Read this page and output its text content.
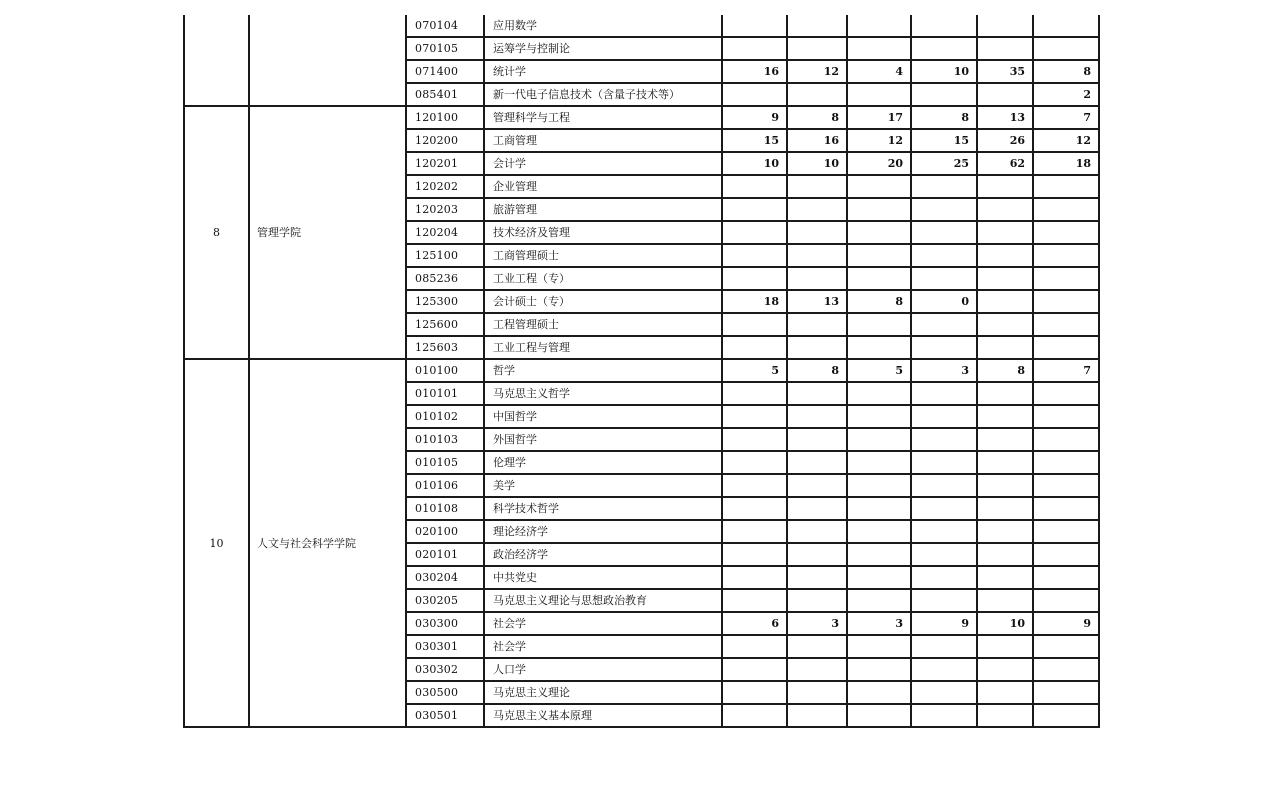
		070104	应用数学						
		070105	运筹学与控制论						
		071400	统计学	16	12	4	10	35	8
		085401	新一代电子信息技术（含量子技术等）						2
8	管理学院	120100	管理科学与工程	9	8	17	8	13	7
		120200	工商管理	15	16	12	15	26	12
		120201	会计学	10	10	20	25	62	18
		120202	企业管理						
		120203	旅游管理						
		120204	技术经济及管理						
		125100	工商管理硕士						
		085236	工业工程（专）						
		125300	会计硕士（专）	18	13	8	0		
		125600	工程管理硕士						
		125603	工业工程与管理						
10	人文与社会科学学院	010100	哲学	5	8	5	3	8	7
		010101	马克思主义哲学						
		010102	中国哲学						
		010103	外国哲学						
		010105	伦理学						
		010106	美学						
		010108	科学技术哲学						
		020100	理论经济学						
		020101	政治经济学						
		030204	中共党史						
		030205	马克思主义理论与思想政治教育						
		030300	社会学	6	3	3	9	10	9
		030301	社会学						
		030302	人口学						
		030500	马克思主义理论						
		030501	马克思主义基本原理						
